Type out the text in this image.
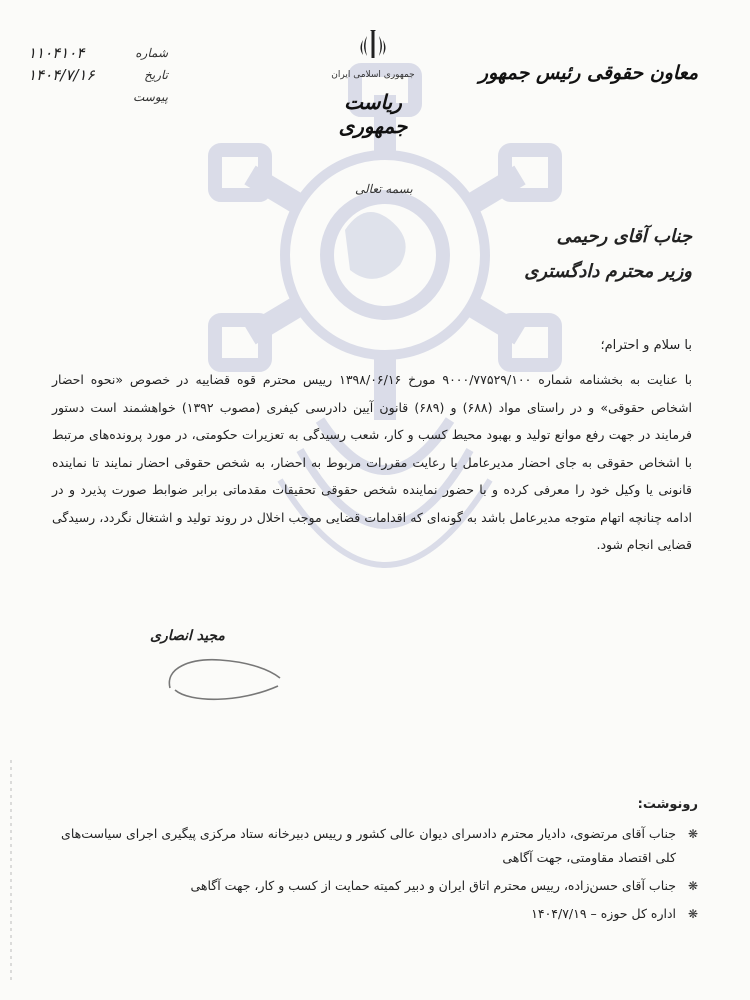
شماره
۱۱۰۴۱۰۴
تاریخ
۱۴۰۴/۷/۱۶
پیوست
جمهوری اسلامی ایران
ریاست جمهوری
معاون حقوقی رئیس جمهور
بسمه تعالی
جناب آقای رحیمی
وزیر محترم دادگستری
با سلام و احترام؛
با عنایت به بخشنامه شماره ۹۰۰۰/۷۷۵۲۹/۱۰۰ مورخ ۱۳۹۸/۰۶/۱۶ رییس محترم قوه قضاییه در خصوص «نحوه احضار اشخاص حقوقی» و در راستای مواد (۶۸۸) و (۶۸۹) قانون آیین دادرسی کیفری (مصوب ۱۳۹۲) خواهشمند است دستور فرمایند در جهت رفع موانع تولید و بهبود محیط کسب و کار، شعب رسیدگی به تعزیرات حکومتی، در مورد پرونده‌های مرتبط با اشخاص حقوقی به جای احضار مدیرعامل با رعایت مقررات مربوط به احضار، به شخص حقوقی احضار نمایند تا نماینده قانونی یا وکیل خود را معرفی کرده و با حضور نماینده شخص حقوقی تحقیقات مقدماتی برابر ضوابط صورت پذیرد و در ادامه چنانچه اتهام متوجه مدیرعامل باشد به گونه‌ای که اقدامات قضایی موجب اخلال در روند تولید و اشتغال نگردد، رسیدگی قضایی انجام شود.
مجید انصاری
رونوشت:
❋
جناب آقای مرتضوی، دادیار محترم دادسرای دیوان عالی کشور و رییس دبیرخانه ستاد مرکزی پیگیری اجرای سیاست‌های کلی اقتصاد مقاومتی، جهت آگاهی
❋
جناب آقای حسن‌زاده، رییس محترم اتاق ایران و دبیر کمیته حمایت از کسب و کار، جهت آگاهی
❋
اداره کل حوزه – ۱۴۰۴/۷/۱۹
